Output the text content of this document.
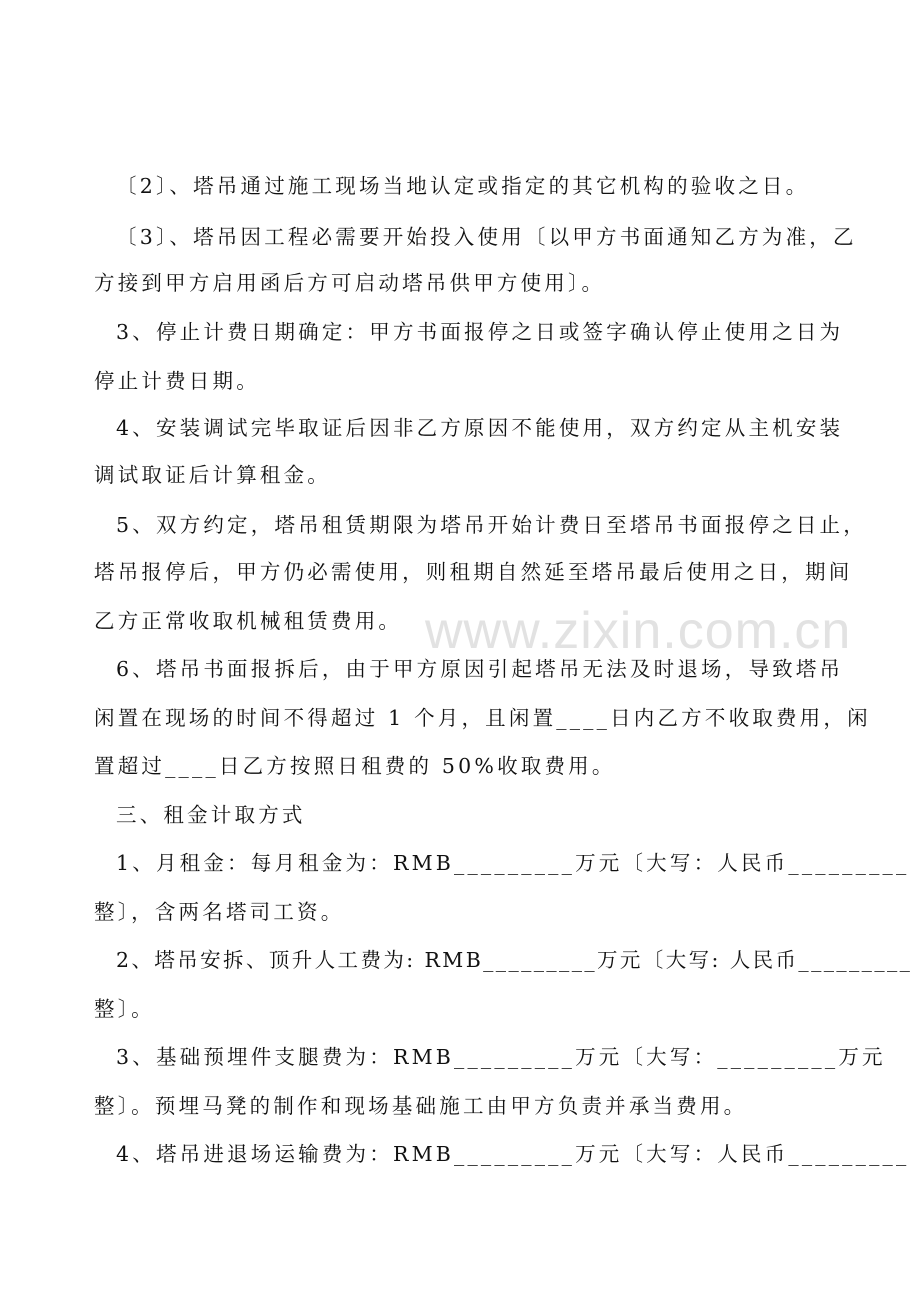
〔2〕、塔吊通过施工现场当地认定或指定的其它机构的验收之日。
〔3〕、塔吊因工程必需要开始投入使用〔以甲方书面通知乙方为准，乙
方接到甲方启用函后方可启动塔吊供甲方使用〕。
3、停止计费日期确定：甲方书面报停之日或签字确认停止使用之日为
停止计费日期。
4、安装调试完毕取证后因非乙方原因不能使用，双方约定从主机安装
调试取证后计算租金。
5、双方约定，塔吊租赁期限为塔吊开始计费日至塔吊书面报停之日止，
塔吊报停后，甲方仍必需使用，则租期自然延至塔吊最后使用之日，期间
乙方正常收取机械租赁费用。
6、塔吊书面报拆后，由于甲方原因引起塔吊无法及时退场，导致塔吊
闲置在现场的时间不得超过 1 个月，且闲置____日内乙方不收取费用，闲
置超过____日乙方按照日租费的 50%收取费用。
三、租金计取方式
1、月租金：每月租金为：RMB_________万元〔大写：人民币_________
整〕，含两名塔司工资。
2、塔吊安拆、顶升人工费为: RMB_________万元〔大写: 人民币_________
整〕。
3、基础预埋件支腿费为：RMB_________万元〔大写：_________万元
整〕。预埋马凳的制作和现场基础施工由甲方负责并承当费用。
4、塔吊进退场运输费为：RMB_________万元〔大写：人民币_________
www.zixin.com.cn
